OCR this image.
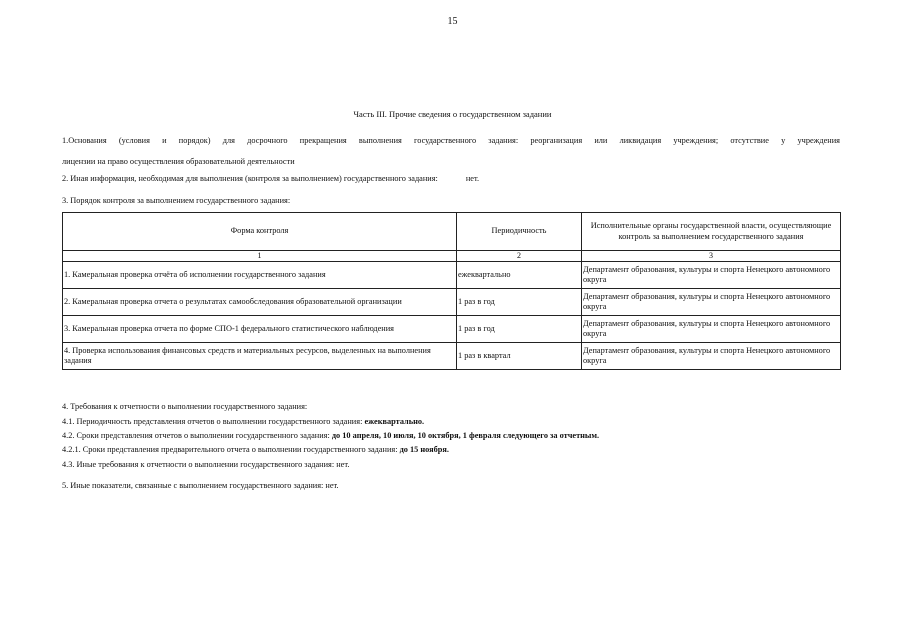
15
Часть III. Прочие сведения о государственном задании
1.Основания (условия и порядок) для досрочного прекращения выполнения государственного задания: реорганизация или ликвидация учреждения; отсутствие у учреждения
лицензии на право осуществления образовательной деятельности
2. Иная информация, необходимая для выполнения (контроля за выполнением) государственного задания:	нет.
3. Порядок контроля за выполнением государственного задания:
Форма контроля	Периодичность	Исполнительные органы государственной власти, осуществляющие контроль за выполнением государственного задания
1	2	3
1. Камеральная проверка отчёта об исполнении государственного задания	ежеквартально	Департамент образования, культуры и спорта Ненецкого автономного округа
2. Камеральная проверка отчета о результатах самообследования образовательной организации	1 раз в год	Департамент образования, культуры и спорта Ненецкого автономного округа
3. Камеральная проверка отчета по форме СПО-1 федерального статистического наблюдения	1 раз в год	Департамент образования, культуры и спорта Ненецкого автономного округа
4. Проверка использования финансовых средств и материальных ресурсов, выделенных на выполнения задания	1 раз в квартал	Департамент образования, культуры и спорта Ненецкого автономного округа
4. Требования к отчетности о выполнении государственного задания:
4.1. Периодичность представления отчетов о выполнении государственного задания: ежеквартально.
4.2. Сроки представления отчетов о выполнении государственного задания: до 10 апреля, 10 июля, 10 октября, 1 февраля следующего за отчетным.
4.2.1. Сроки представления предварительного отчета о выполнении государственного задания: до 15 ноября.
4.3. Иные требования к отчетности о выполнении государственного задания: нет.
5. Иные показатели, связанные с выполнением государственного задания: нет.
